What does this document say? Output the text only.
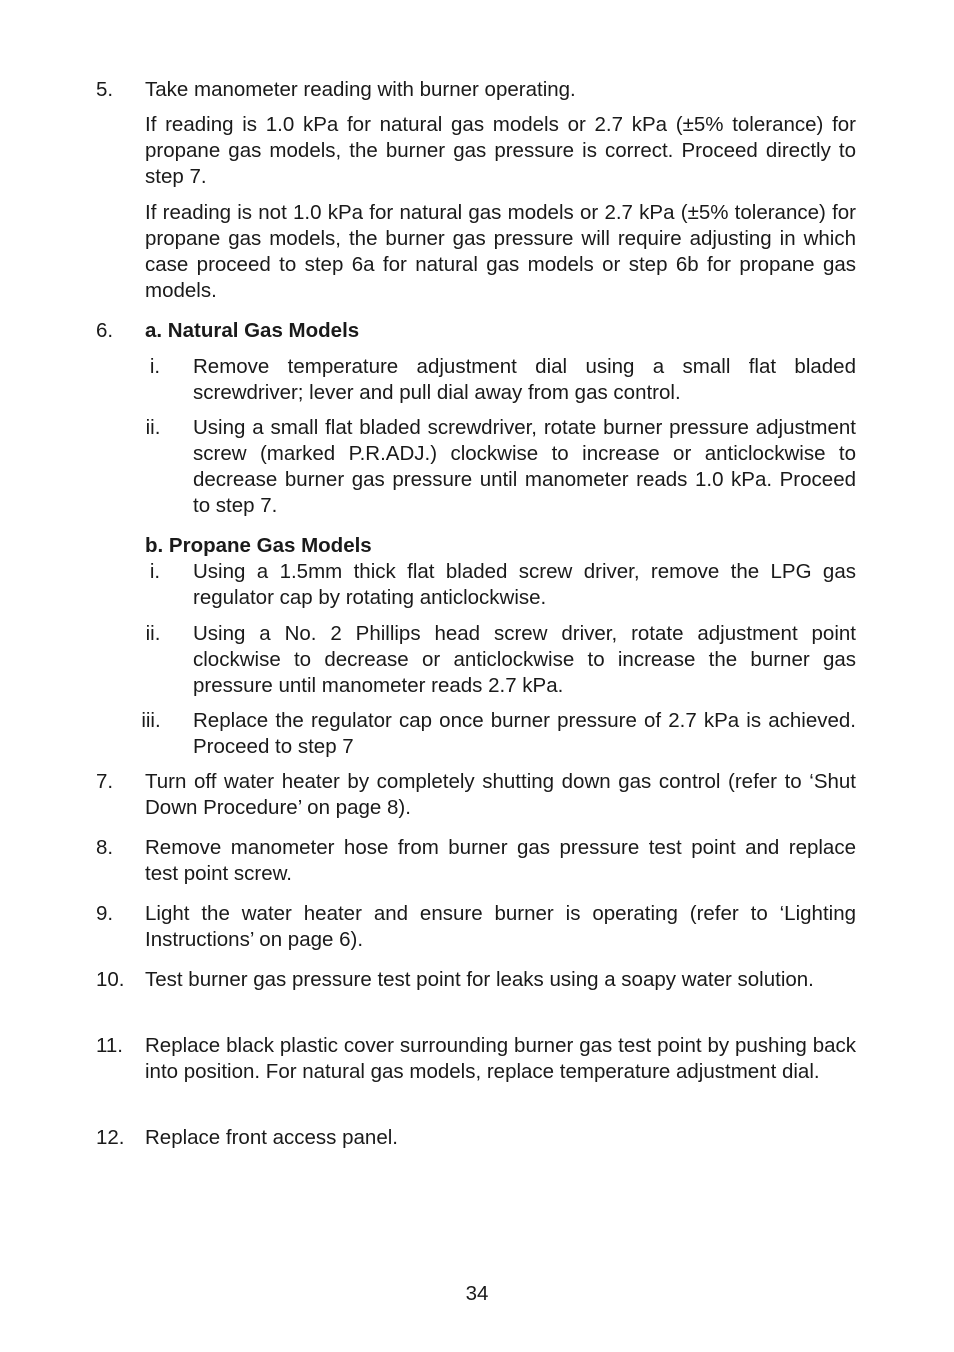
5. Take manometer reading with burner operating.
If reading is 1.0 kPa for natural gas models or 2.7 kPa (±5% tolerance) for propane gas models, the burner gas pressure is correct. Proceed directly to step 7.
If reading is not 1.0 kPa for natural gas models or 2.7 kPa (±5% tolerance) for propane gas models, the burner gas pressure will require adjusting in which case proceed to step 6a for natural gas models or step 6b for propane gas models.
6. a. Natural Gas Models
i.	Remove temperature adjustment dial using a small flat bladed screwdriver; lever and pull dial away from gas control.
ii.	Using a small flat bladed screwdriver, rotate burner pressure adjustment screw (marked P.R.ADJ.) clockwise to increase or anticlockwise to decrease burner gas pressure until manometer reads 1.0 kPa. Proceed to step 7.
b. Propane Gas Models
i.	Using a 1.5mm thick flat bladed screw driver, remove the LPG gas regulator cap by rotating anticlockwise.
ii.	Using a No. 2 Phillips head screw driver, rotate adjustment point clockwise to decrease or anticlockwise to increase the burner gas pressure until manometer reads 2.7 kPa.
iii. Replace the regulator cap once burner pressure of 2.7 kPa is achieved. Proceed to step 7
7. Turn off water heater by completely shutting down gas control (refer to ‘Shut Down Procedure’ on page 8).
8. Remove manometer hose from burner gas pressure test point and replace test point screw.
9. Light the water heater and ensure burner is operating (refer to ‘Lighting Instructions’ on page 6).
10. Test burner gas pressure test point for leaks using a soapy water solution.
11. Replace black plastic cover surrounding burner gas test point by pushing back into position. For natural gas models, replace temperature adjustment dial.
12. Replace front access panel.
34
